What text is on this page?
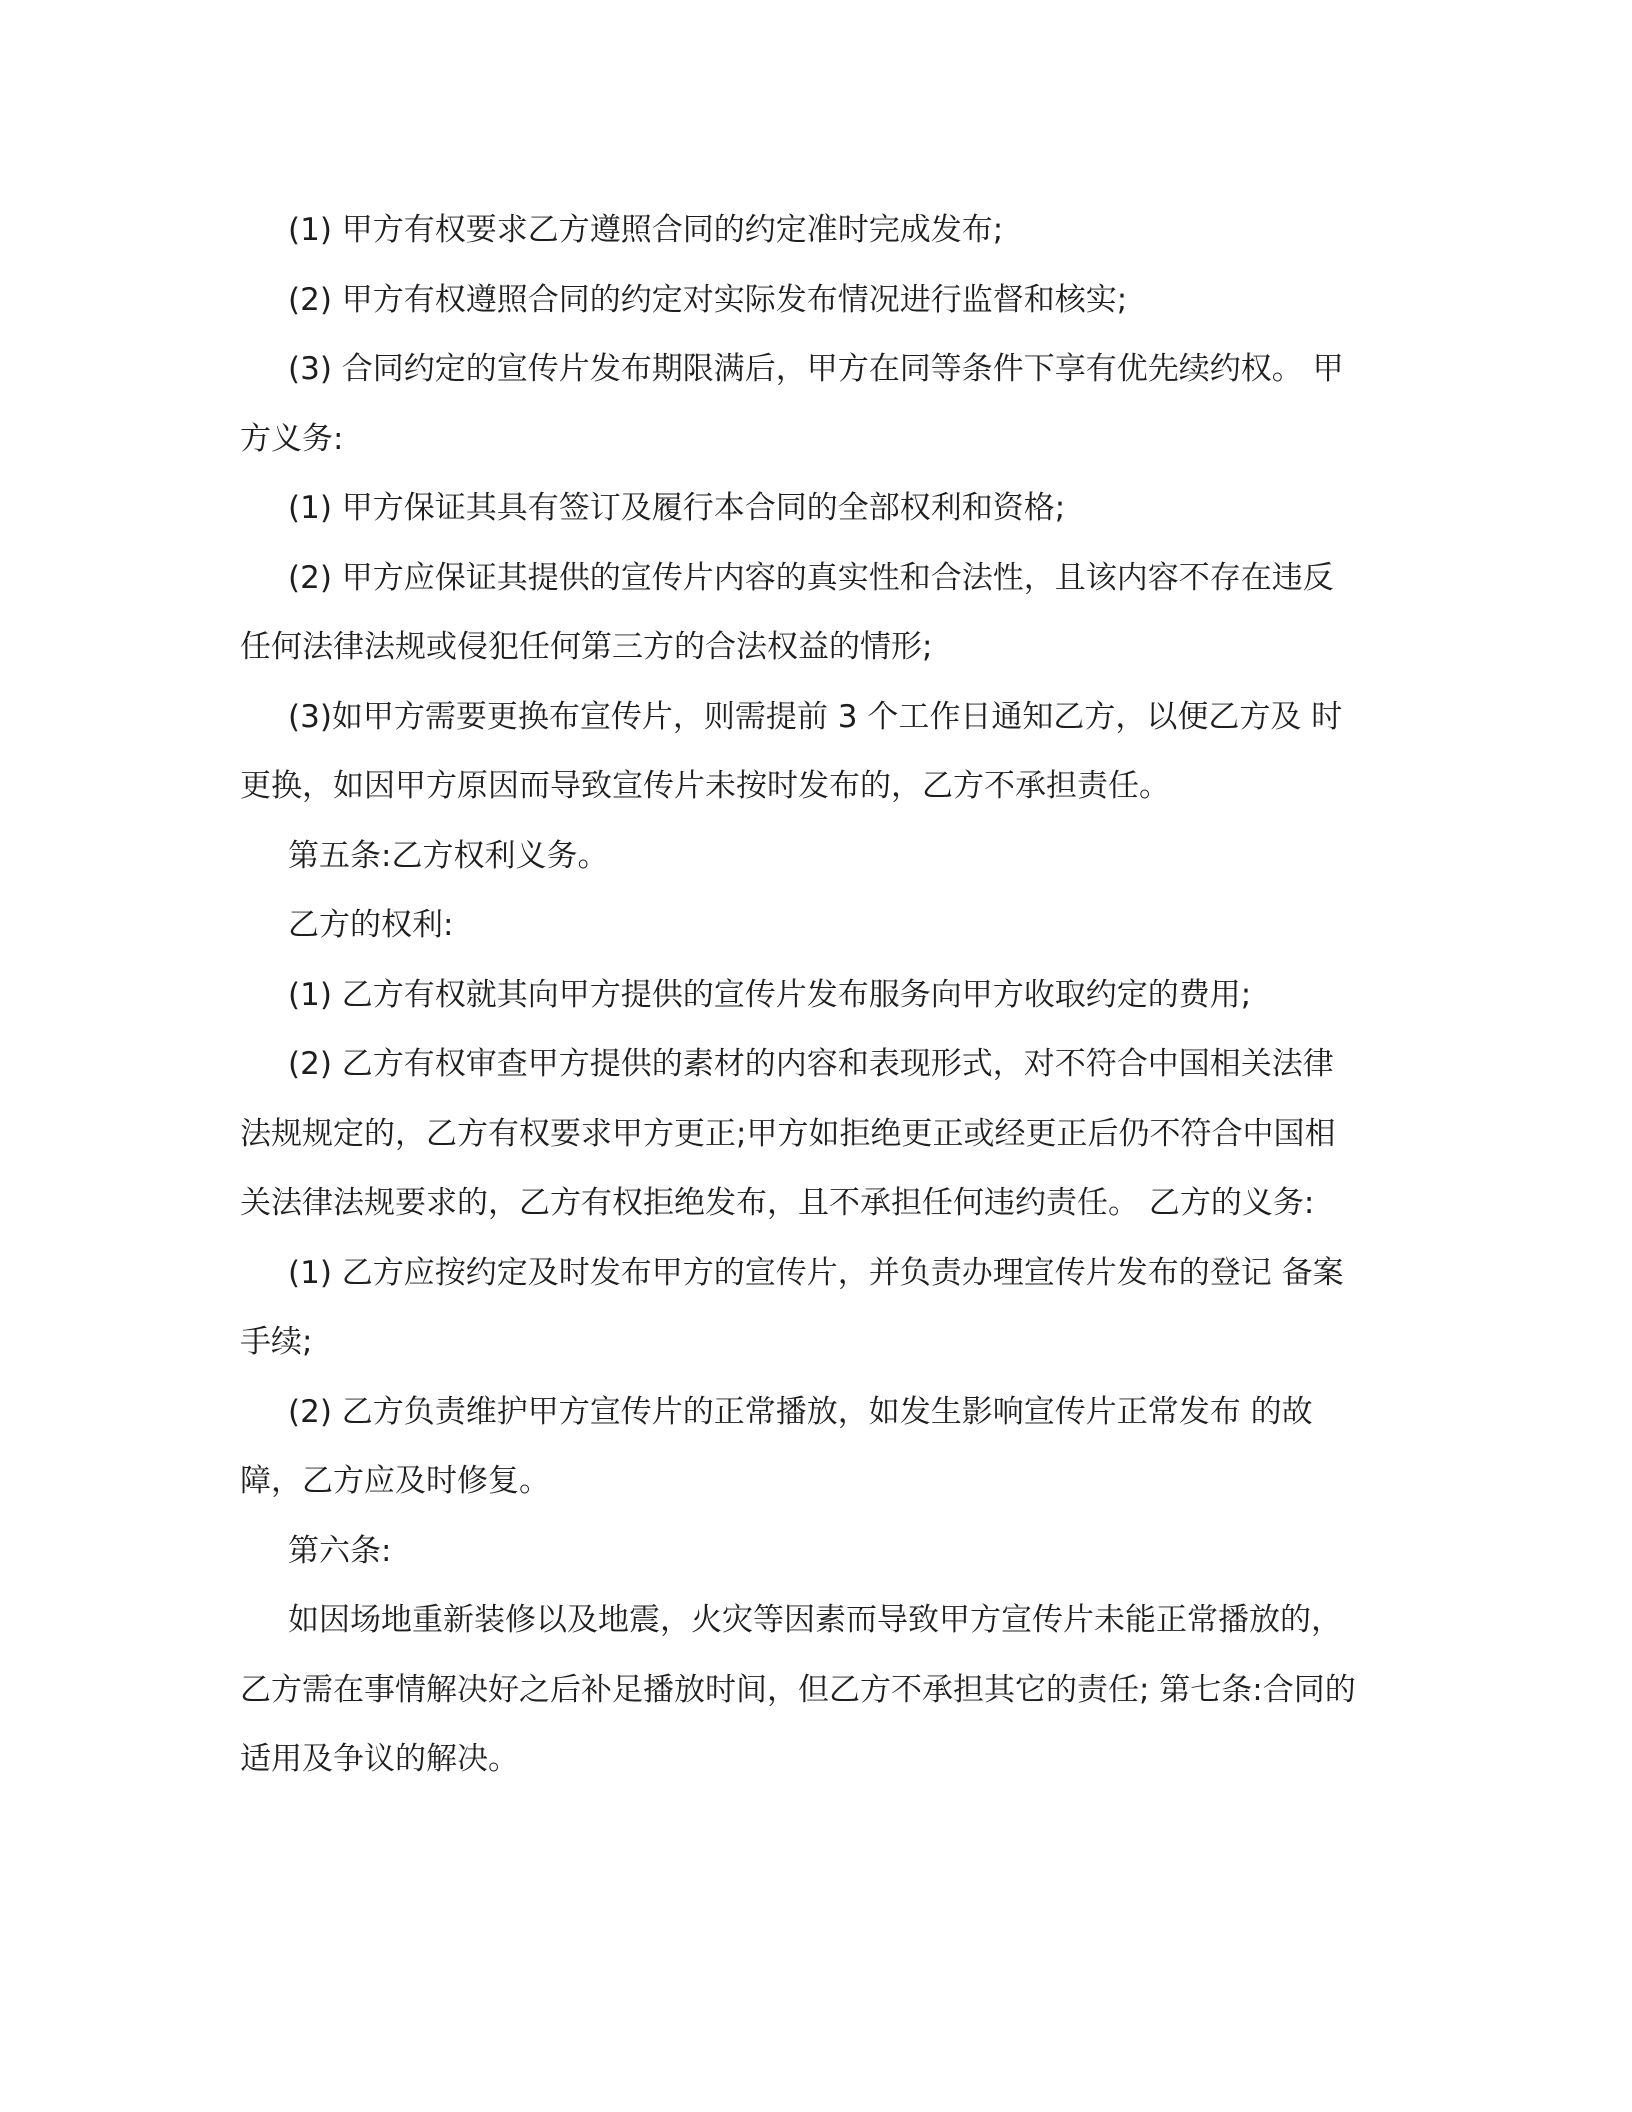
(1) 甲方有权要求乙方遵照合同的约定准时完成发布;
(2) 甲方有权遵照合同的约定对实际发布情况进行监督和核实;
(3) 合同约定的宣传片发布期限满后，甲方在同等条件下享有优先续约权。 甲
方义务:
(1) 甲方保证其具有签订及履行本合同的全部权利和资格;
(2) 甲方应保证其提供的宣传片内容的真实性和合法性，且该内容不存在违反
任何法律法规或侵犯任何第三方的合法权益的情形;
(3)如甲方需要更换布宣传片，则需提前 3 个工作日通知乙方，以便乙方及 时
更换，如因甲方原因而导致宣传片未按时发布的，乙方不承担责任。
第五条:乙方权利义务。
乙方的权利:
(1) 乙方有权就其向甲方提供的宣传片发布服务向甲方收取约定的费用;
(2) 乙方有权审查甲方提供的素材的内容和表现形式，对不符合中国相关法律
法规规定的，乙方有权要求甲方更正;甲方如拒绝更正或经更正后仍不符合中国相
关法律法规要求的，乙方有权拒绝发布，且不承担任何违约责任。 乙方的义务:
(1) 乙方应按约定及时发布甲方的宣传片，并负责办理宣传片发布的登记 备案
手续;
(2) 乙方负责维护甲方宣传片的正常播放，如发生影响宣传片正常发布 的故
障，乙方应及时修复。
第六条:
如因场地重新装修以及地震，火灾等因素而导致甲方宣传片未能正常播放的，
乙方需在事情解决好之后补足播放时间，但乙方不承担其它的责任; 第七条:合同的
适用及争议的解决。
